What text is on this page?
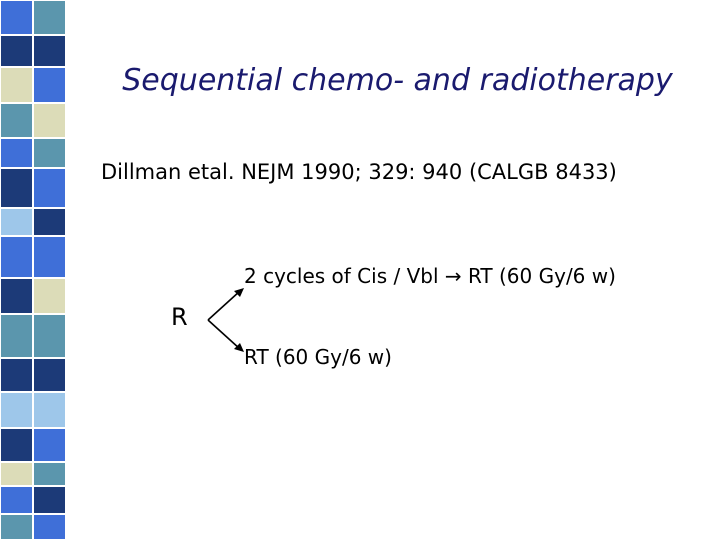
Sequential chemo- and radiotherapy
Dillman etal. NEJM 1990; 329: 940 (CALGB 8433)
2 cycles of Cis / Vbl → RT (60 Gy/6 w)
R
RT (60 Gy/6 w)
